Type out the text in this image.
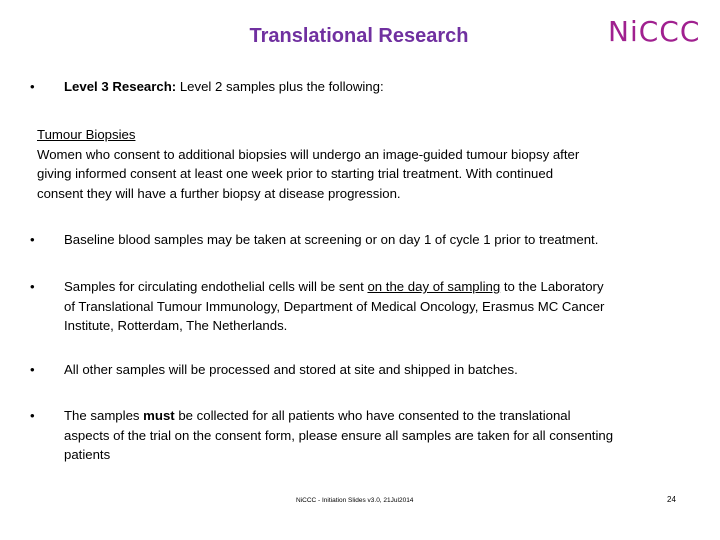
Translational Research	NiCCC
•	Level 3 Research: Level 2 samples plus the following:
Tumour Biopsies
Women who consent to additional biopsies will undergo an image-guided tumour biopsy after
giving informed consent at least one week prior to starting trial treatment. With continued
consent they will have a further biopsy at disease progression.
•	Baseline blood samples may be taken at screening or on day 1 of cycle 1 prior to treatment.
•	Samples for circulating endothelial cells will be sent on the day of sampling to the Laboratory
of Translational Tumour Immunology, Department of Medical Oncology, Erasmus MC Cancer
Institute, Rotterdam, The Netherlands.
•	All other samples will be processed and stored at site and shipped in batches.
•	The samples must be collected for all patients who have consented to the translational
aspects of the trial on the consent form, please ensure all samples are taken for all consenting
patients
NiCCC - Initiation Slides v3.0, 21Jul2014	24
